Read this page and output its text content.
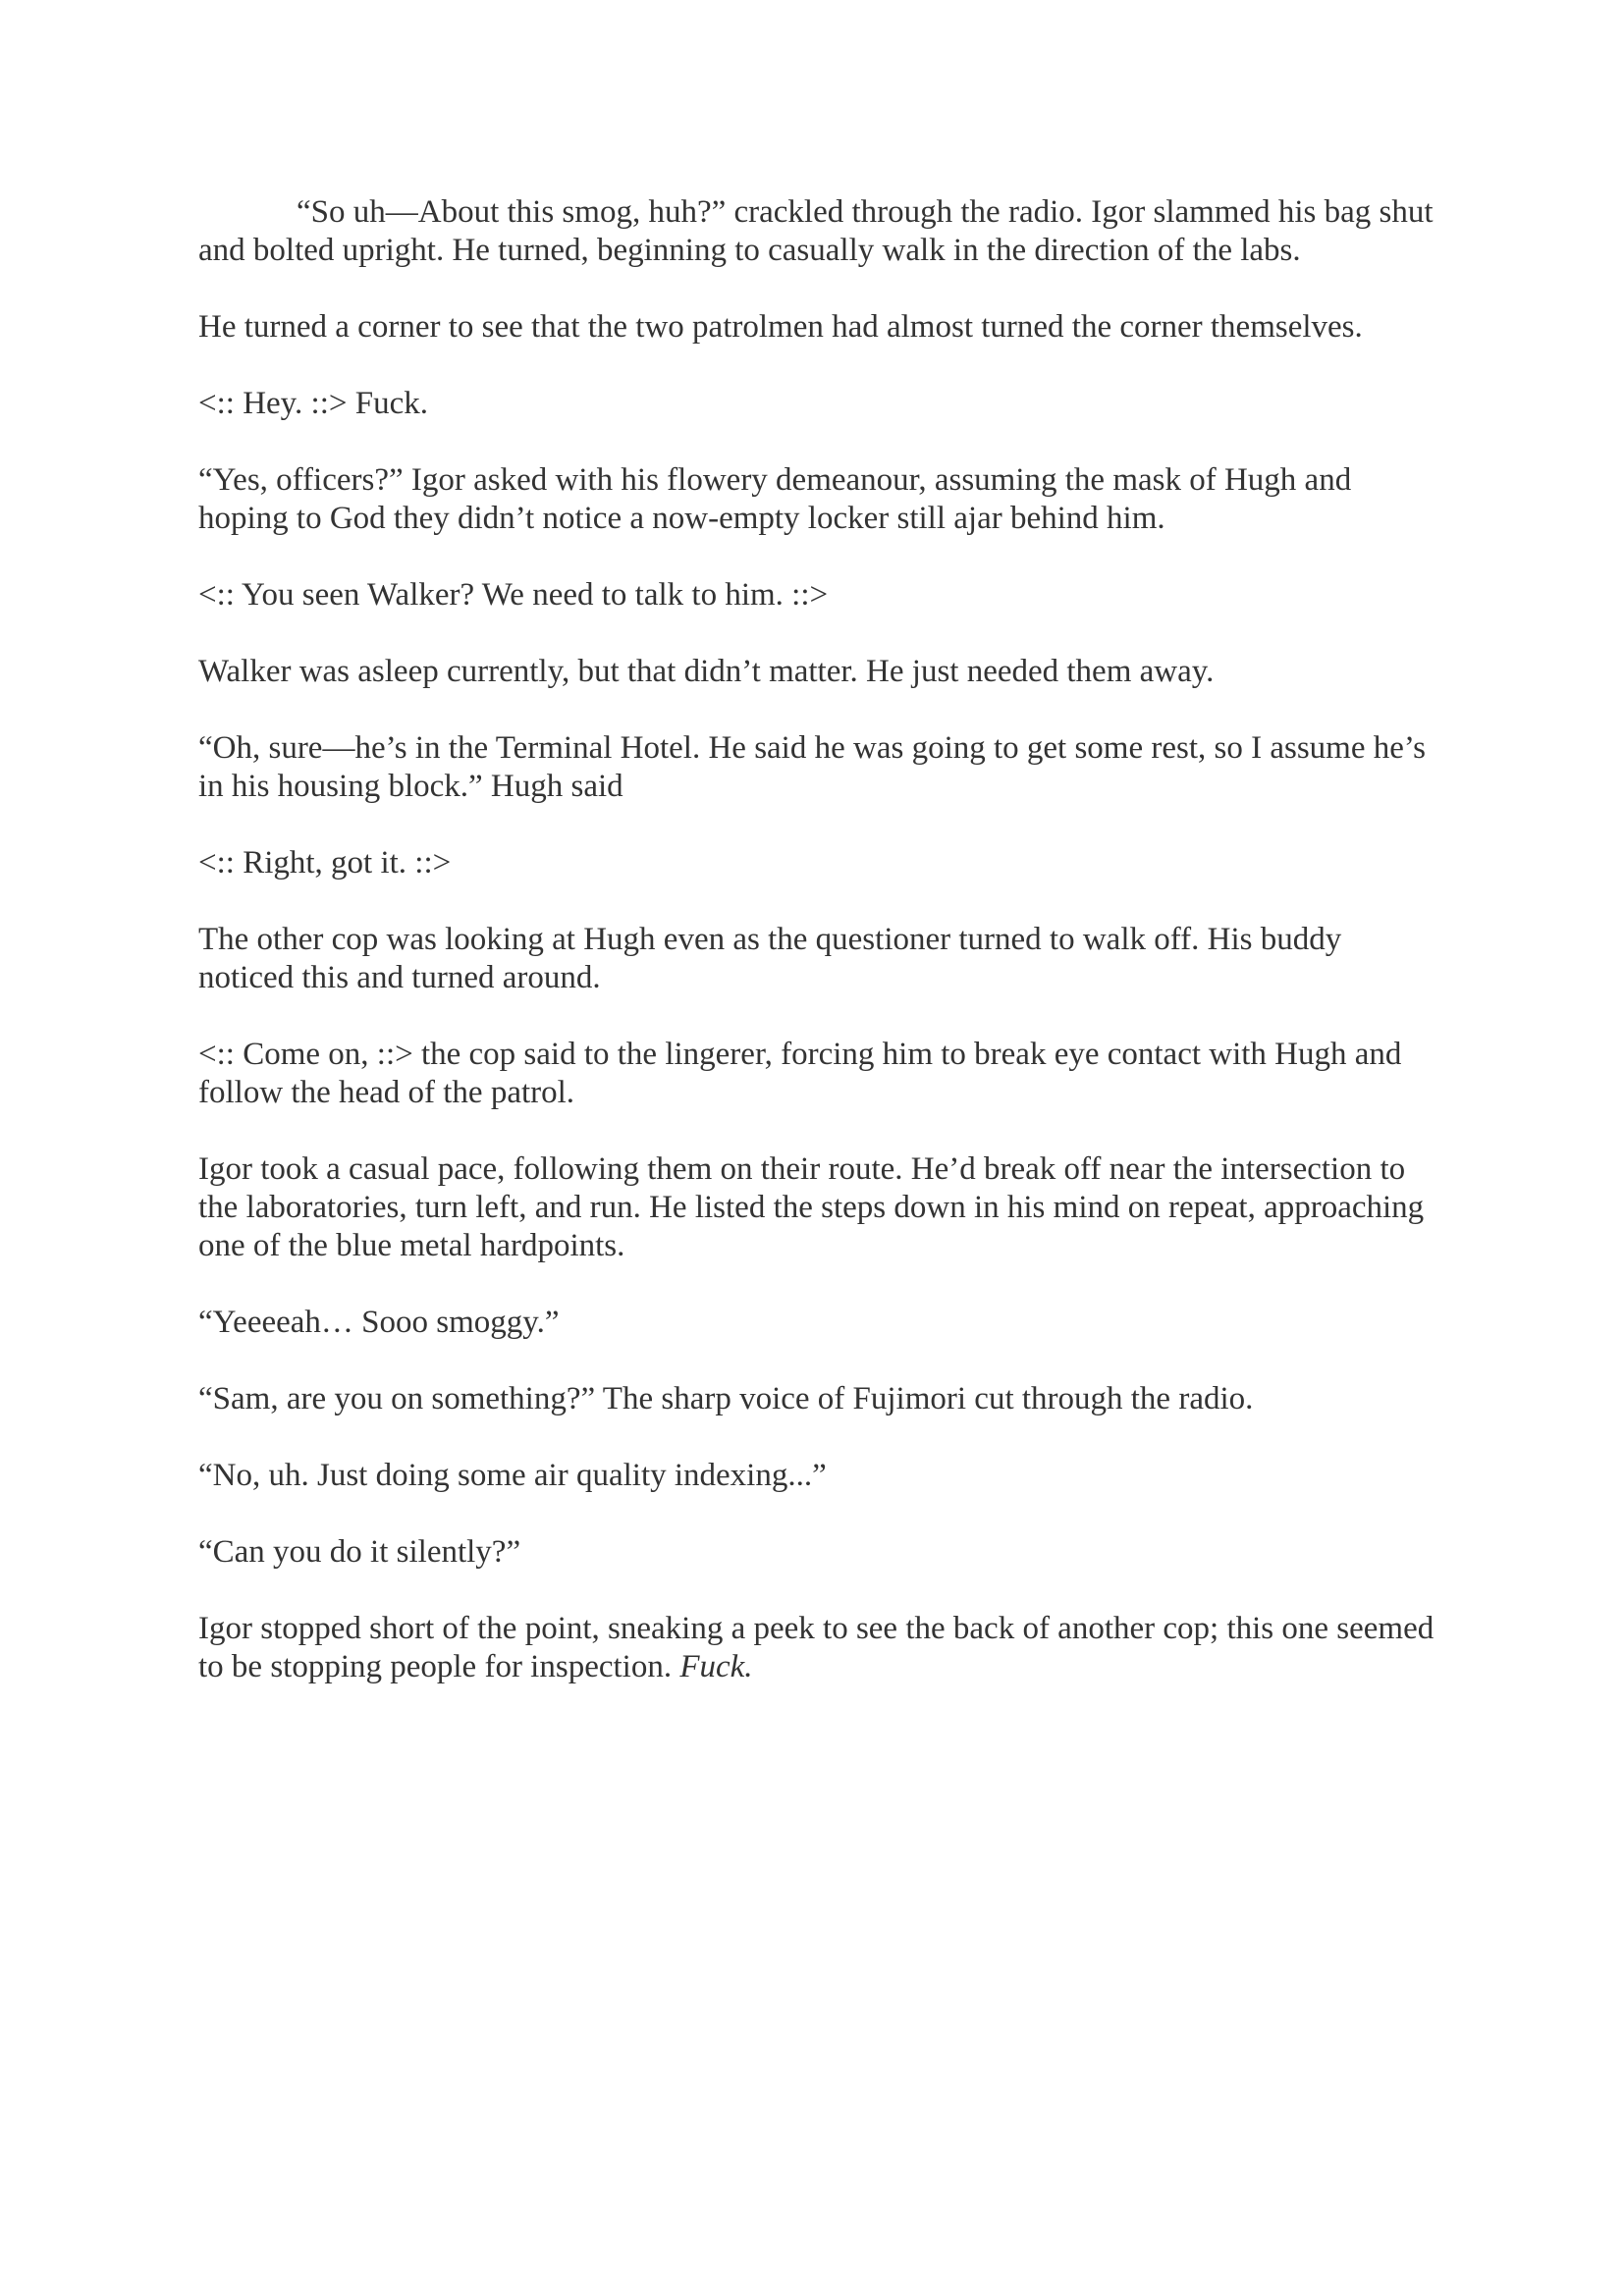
“So uh—About this smog, huh?” crackled through the radio. Igor slammed his bag shut and bolted upright. He turned, beginning to casually walk in the direction of the labs.

He turned a corner to see that the two patrolmen had almost turned the corner themselves.

<:: Hey. ::> Fuck.

“Yes, officers?” Igor asked with his flowery demeanour, assuming the mask of Hugh and hoping to God they didn’t notice a now-empty locker still ajar behind him.

<:: You seen Walker? We need to talk to him. ::>

Walker was asleep currently, but that didn’t matter. He just needed them away.

“Oh, sure—he’s in the Terminal Hotel. He said he was going to get some rest, so I assume he’s in his housing block.” Hugh said

<:: Right, got it. ::>

The other cop was looking at Hugh even as the questioner turned to walk off. His buddy noticed this and turned around.

<:: Come on, ::> the cop said to the lingerer, forcing him to break eye contact with Hugh and follow the head of the patrol.

Igor took a casual pace, following them on their route. He’d break off near the intersection to the laboratories, turn left, and run. He listed the steps down in his mind on repeat, approaching one of the blue metal hardpoints.

“Yeeeeah… Sooo smoggy.”

“Sam, are you on something?” The sharp voice of Fujimori cut through the radio.

“No, uh. Just doing some air quality indexing...”

“Can you do it silently?”

Igor stopped short of the point, sneaking a peek to see the back of another cop; this one seemed to be stopping people for inspection. Fuck.
